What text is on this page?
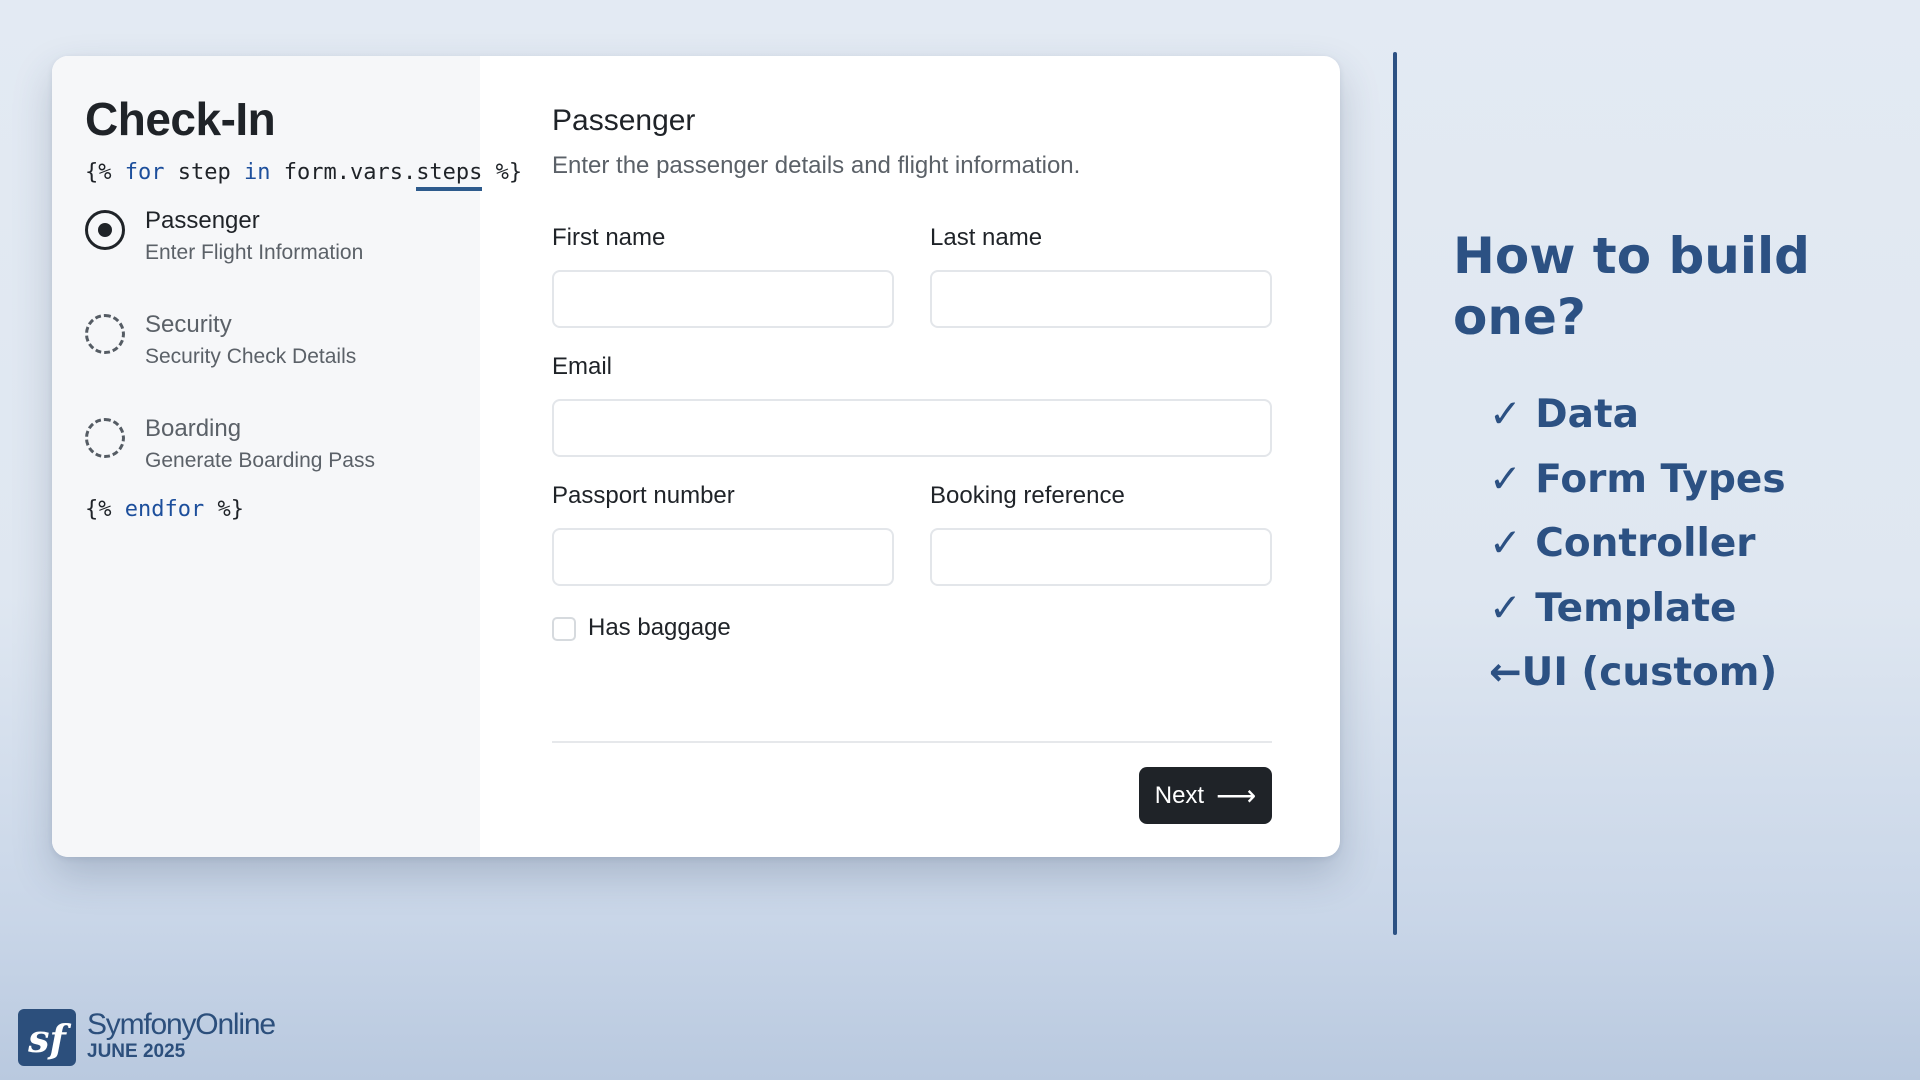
Check-In
{% for step in form.vars.steps %}
Passenger
Enter Flight Information
Security
Security Check Details
Boarding
Generate Boarding Pass
{% endfor %}
Passenger
Enter the passenger details and flight information.
First name	Last name
Email
Passport number	Booking reference
Has baggage
Next ⟶
How to build one?
✓ Data
✓ Form Types
✓ Controller
✓ Template
←UI (custom)
sf SymfonyOnline
JUNE 2025
